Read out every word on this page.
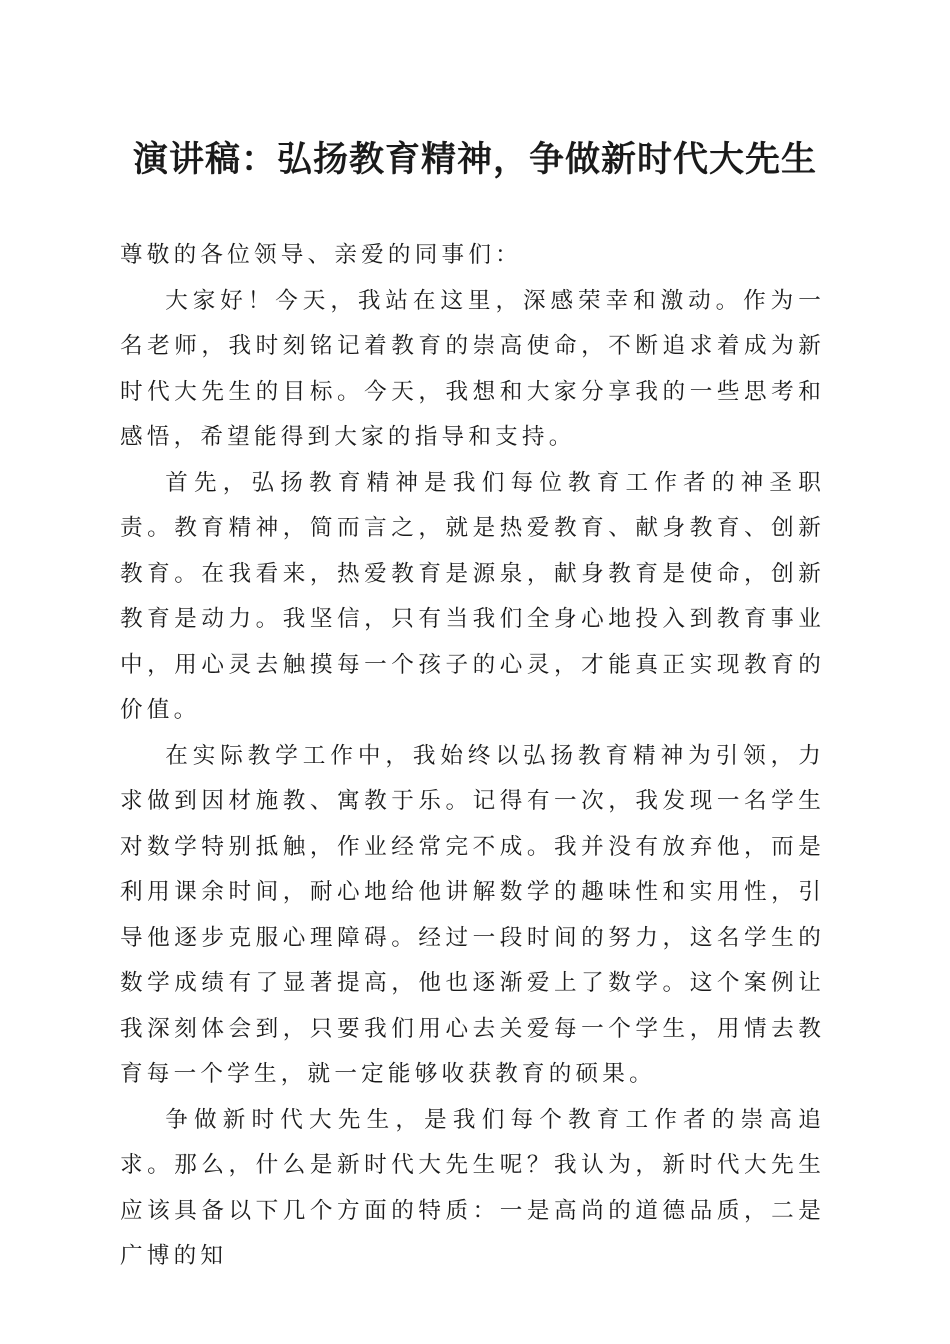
演讲稿：弘扬教育精神，争做新时代大先生

尊敬的各位领导、亲爱的同事们：

大家好！今天，我站在这里，深感荣幸和激动。作为一名老师，我时刻铭记着教育的崇高使命，不断追求着成为新时代大先生的目标。今天，我想和大家分享我的一些思考和感悟，希望能得到大家的指导和支持。

首先，弘扬教育精神是我们每位教育工作者的神圣职责。教育精神，简而言之，就是热爱教育、献身教育、创新教育。在我看来，热爱教育是源泉，献身教育是使命，创新教育是动力。我坚信，只有当我们全身心地投入到教育事业中，用心灵去触摸每一个孩子的心灵，才能真正实现教育的价值。

在实际教学工作中，我始终以弘扬教育精神为引领，力求做到因材施教、寓教于乐。记得有一次，我发现一名学生对数学特别抵触，作业经常完不成。我并没有放弃他，而是利用课余时间，耐心地给他讲解数学的趣味性和实用性，引导他逐步克服心理障碍。经过一段时间的努力，这名学生的数学成绩有了显著提高，他也逐渐爱上了数学。这个案例让我深刻体会到，只要我们用心去关爱每一个学生，用情去教育每一个学生，就一定能够收获教育的硕果。

争做新时代大先生，是我们每个教育工作者的崇高追求。那么，什么是新时代大先生呢？我认为，新时代大先生应该具备以下几个方面的特质：一是高尚的道德品质，二是广博的知
